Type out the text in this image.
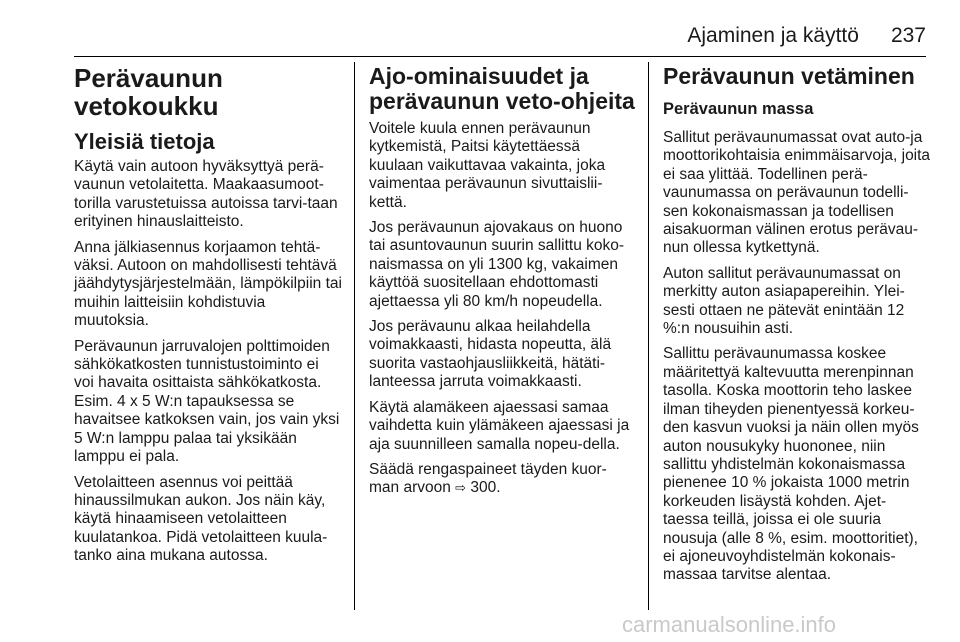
Ajaminen ja käyttö 237
Perävaunun
vetokoukku
Yleisiä tietoja

Käytä vain autoon hyväksyttyä perä-vaunun vetolaitetta. Maakaasumoot-torilla varustetuissa autoissa tarvi-taan erityinen hinauslaitteisto.

Anna jälkiasennus korjaamon tehtä-väksi. Autoon on mahdollisesti tehtävä jäähdytysjärjestelmään, lämpökilpiin tai muihin laitteisiin kohdistuvia muutoksia.

Perävaunun jarruvalojen polttimoiden sähkökatkosten tunnistustoiminto ei voi havaita osittaista sähkökatkosta. Esim. 4 x 5 W:n tapauksessa se havaitsee katkoksen vain, jos vain yksi 5 W:n lamppu palaa tai yksikään lamppu ei pala.

Vetolaitteen asennus voi peittää hinaussilmukan aukon. Jos näin käy, käytä hinaamiseen vetolaitteen kuulatankoa. Pidä vetolaitteen kuula-tanko aina mukana autossa.

Ajo-ominaisuudet ja perävaunun veto-ohjeita

Voitele kuula ennen perävaunun kytkemistä, Paitsi käytettäessä kuulaan vaikuttavaa vakainta, joka vaimentaa perävaunun sivuttaislii-kettä.

Jos perävaunun ajovakaus on huono tai asuntovaunun suurin sallittu koko-naismassa on yli 1300 kg, vakaimen käyttöä suositellaan ehdottomasti ajettaessa yli 80 km/h nopeudella.

Jos perävaunu alkaa heilahdella voimakkaasti, hidasta nopeutta, älä suorita vastaohjausliikkeitä, hätäti-lanteessa jarruta voimakkaasti.

Käytä alamäkeen ajaessasi samaa vaihdetta kuin ylämäkeen ajaessasi ja aja suunnilleen samalla nopeu-della.

Säädä rengaspaineet täyden kuor-man arvoon ⇨ 300.

Perävaunun vetäminen
Perävaunun massa

Sallitut perävaunumassat ovat auto-ja moottorikohtaisia enimmäisarvoja, joita ei saa ylittää. Todellinen perä-vaunumassa on perävaunun todelli-sen kokonaismassan ja todellisen aisakuorman välinen erotus perävau-nun ollessa kytkettynä.

Auton sallitut perävaunumassat on merkitty auton asiapapereihin. Ylei-sesti ottaen ne pätevät enintään 12 %:n nousuihin asti.

Sallittu perävaunumassa koskee määritettyä kaltevuutta merenpinnan tasolla. Koska moottorin teho laskee ilman tiheyden pienentyessä korkeu-den kasvun vuoksi ja näin ollen myös auton nousukyky huononee, niin sallittu yhdistelmän kokonaismassa pienenee 10 % jokaista 1000 metrin korkeuden lisäystä kohden. Ajet-taessa teillä, joissa ei ole suuria nousuja (alle 8 %, esim. moottoritiet), ei ajoneuvoyhdistelmän kokonais-massaa tarvitse alentaa.

carmanualsonline.info
